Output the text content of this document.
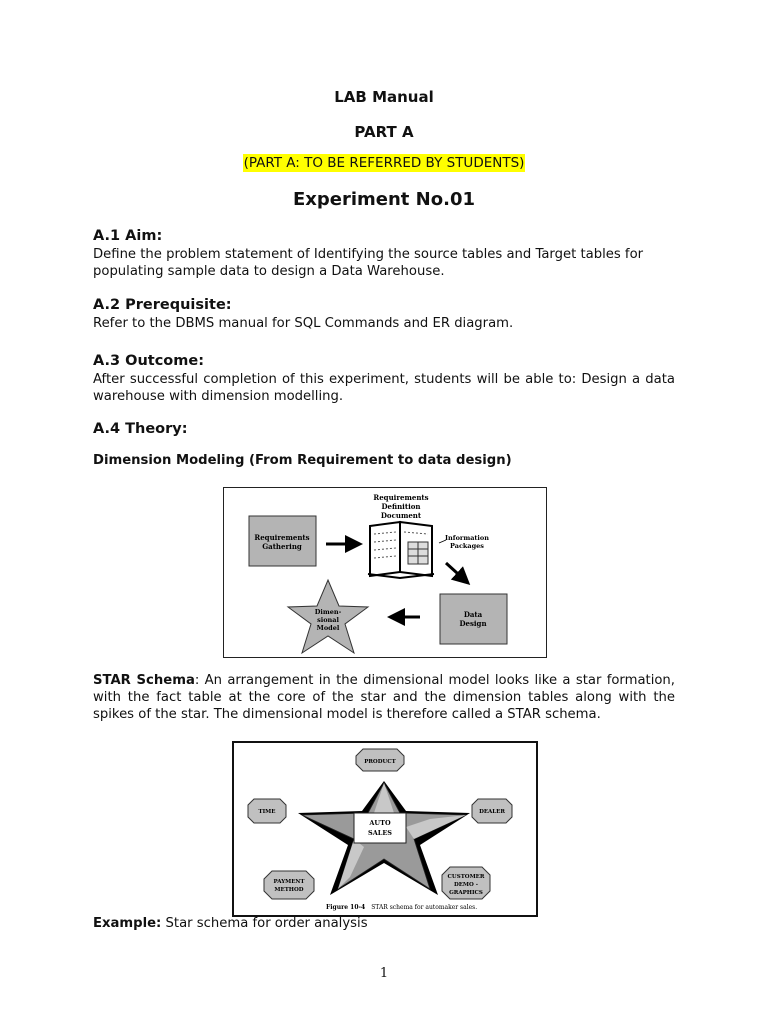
LAB Manual
PART A
(PART A: TO BE REFERRED BY STUDENTS)
Experiment No.01
A.1 Aim:
Define the problem statement of Identifying the source tables and Target tables for populating sample data to design a Data Warehouse.
A.2 Prerequisite:
Refer to the DBMS manual for SQL Commands and ER diagram.
A.3 Outcome:
After successful completion of this experiment, students will be able to: Design a data warehouse with dimension modelling.
A.4 Theory:
Dimension Modeling (From Requirement to data design)
Requirements
Gathering
Requirements
Definition
Document
Information
Packages
Data
Design
Dimen-
sional
Model
STAR Schema: An arrangement in the dimensional model looks like a star formation, with the fact table at the core of the star and the dimension tables along with the spikes of the star. The dimensional model is therefore called a STAR schema.
AUTO
SALES
PRODUCT
DEALER
TIME
PAYMENT
METHOD
CUSTOMER
DEMO -
GRAPHICS
Figure 10-4 STAR schema for automaker sales.
Example: Star schema for order analysis
1
